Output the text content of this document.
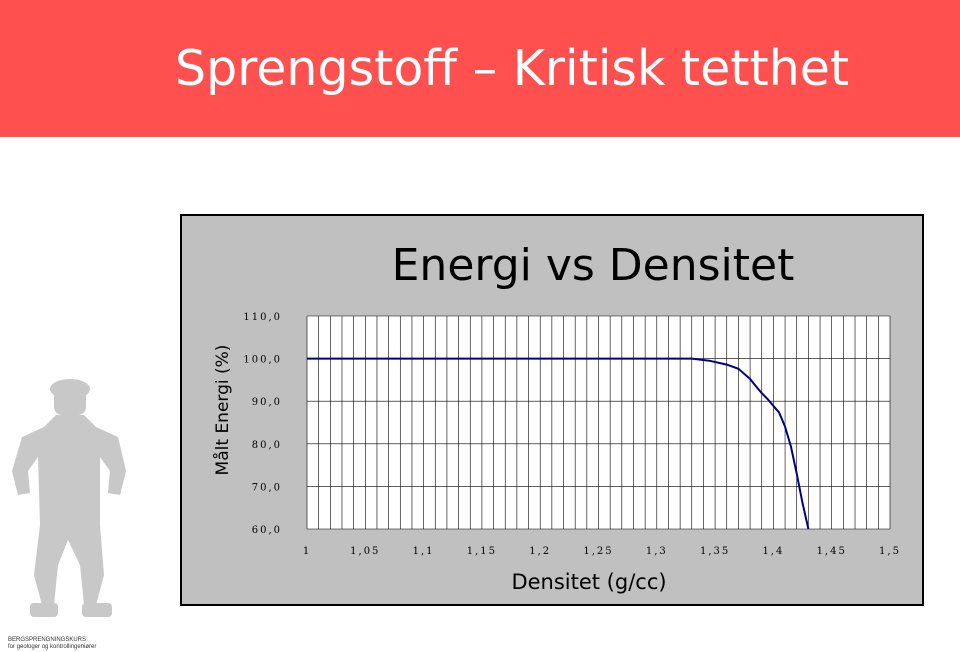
Sprengstoff – Kritisk tetthet
BERGSPRENGNINGSKURS
for geologer og kontrollingeniører
Energi vs Densitet
60,0
70,0
80,0
90,0
100,0
110,0
1	1,05	1,1	1,15	1,2	1,25	1,3	1,35	1,4	1,45	1,5
Densitet (g/cc)
Målt Energi (%)
